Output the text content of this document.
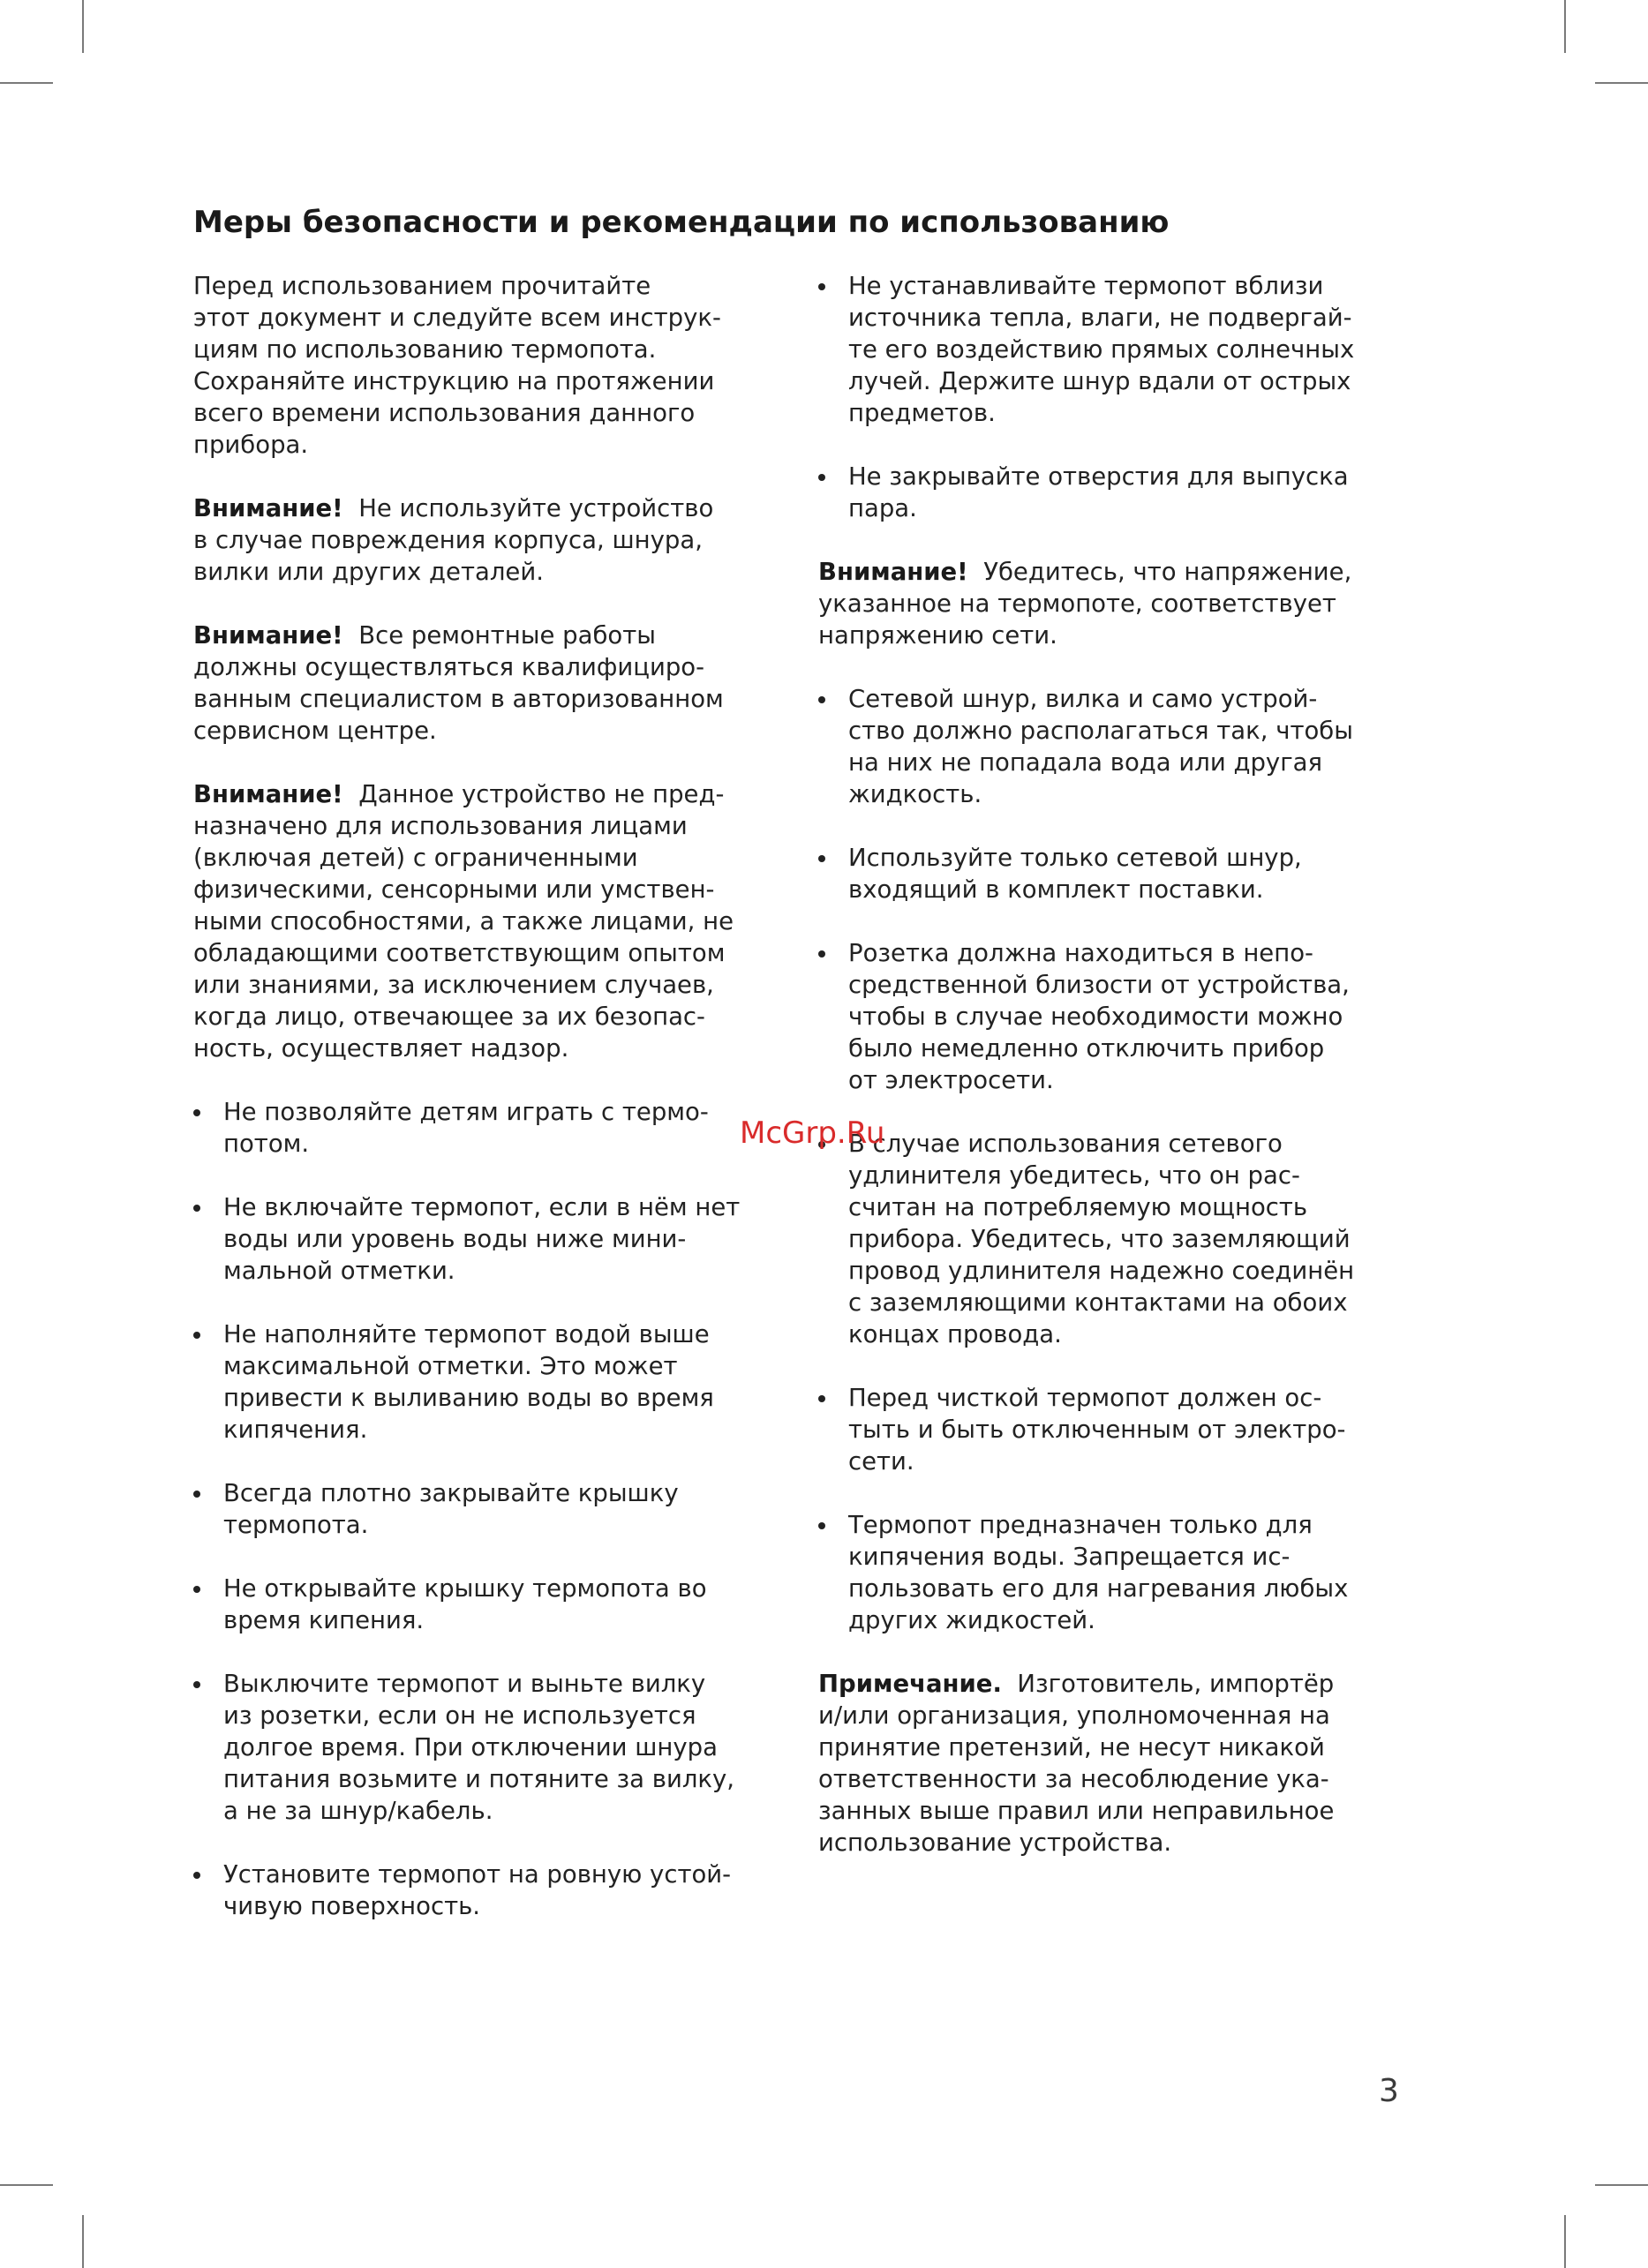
Меры безопасности и рекомендации по использованию

Перед использованием прочитайте
этот документ и следуйте всем инструк-
циям по использованию термопота.
Сохраняйте инструкцию на протяжении
всего времени использования данного
прибора.

Внимание! Не используйте устройство
в случае повреждения корпуса, шнура,
вилки или других деталей.

Внимание! Все ремонтные работы
должны осуществляться квалифициро-
ванным специалистом в авторизованном
сервисном центре.

Внимание! Данное устройство не пред-
назначено для использования лицами
(включая детей) с ограниченными
физическими, сенсорными или умствен-
ными способностями, а также лицами, не
обладающими соответствующим опытом
или знаниями, за исключением случаев,
когда лицо, отвечающее за их безопас-
ность, осуществляет надзор.

Не позволяйте детям играть с термо-
потом.
Не включайте термопот, если в нём нет
воды или уровень воды ниже мини-
мальной отметки.
Не наполняйте термопот водой выше
максимальной отметки. Это может
привести к выливанию воды во время
кипячения.
Всегда плотно закрывайте крышку
термопота.
Не открывайте крышку термопота во
время кипения.
Выключите термопот и выньте вилку
из розетки, если он не используется
долгое время. При отключении шнура
питания возьмите и потяните за вилку,
а не за шнур/кабель.
Установите термопот на ровную устой-
чивую поверхность.
Не устанавливайте термопот вблизи
источника тепла, влаги, не подвергай-
те его воздействию прямых солнечных
лучей. Держите шнур вдали от острых
предметов.
Не закрывайте отверстия для выпуска
пара.

Внимание! Убедитесь, что напряжение,
указанное на термопоте, соответствует
напряжению сети.

Сетевой шнур, вилка и само устрой-
ство должно располагаться так, чтобы
на них не попадала вода или другая
жидкость.
Используйте только сетевой шнур,
входящий в комплект поставки.
Розетка должна находиться в непо-
средственной близости от устройства,
чтобы в случае необходимости можно
было немедленно отключить прибор
от электросети.
В случае использования сетевого
удлинителя убедитесь, что он рас-
считан на потребляемую мощность
прибора. Убедитесь, что заземляющий
провод удлинителя надежно соединён
с заземляющими контактами на обоих
концах провода.
Перед чисткой термопот должен ос-
тыть и быть отключенным от электро-
сети.
Термопот предназначен только для
кипячения воды. Запрещается ис-
пользовать его для нагревания любых
других жидкостей.

Примечание. Изготовитель, импортёр
и/или организация, уполномоченная на
принятие претензий, не несут никакой
ответственности за несоблюдение ука-
занных выше правил или неправильное
использование устройства.

McGrp.Ru
3
